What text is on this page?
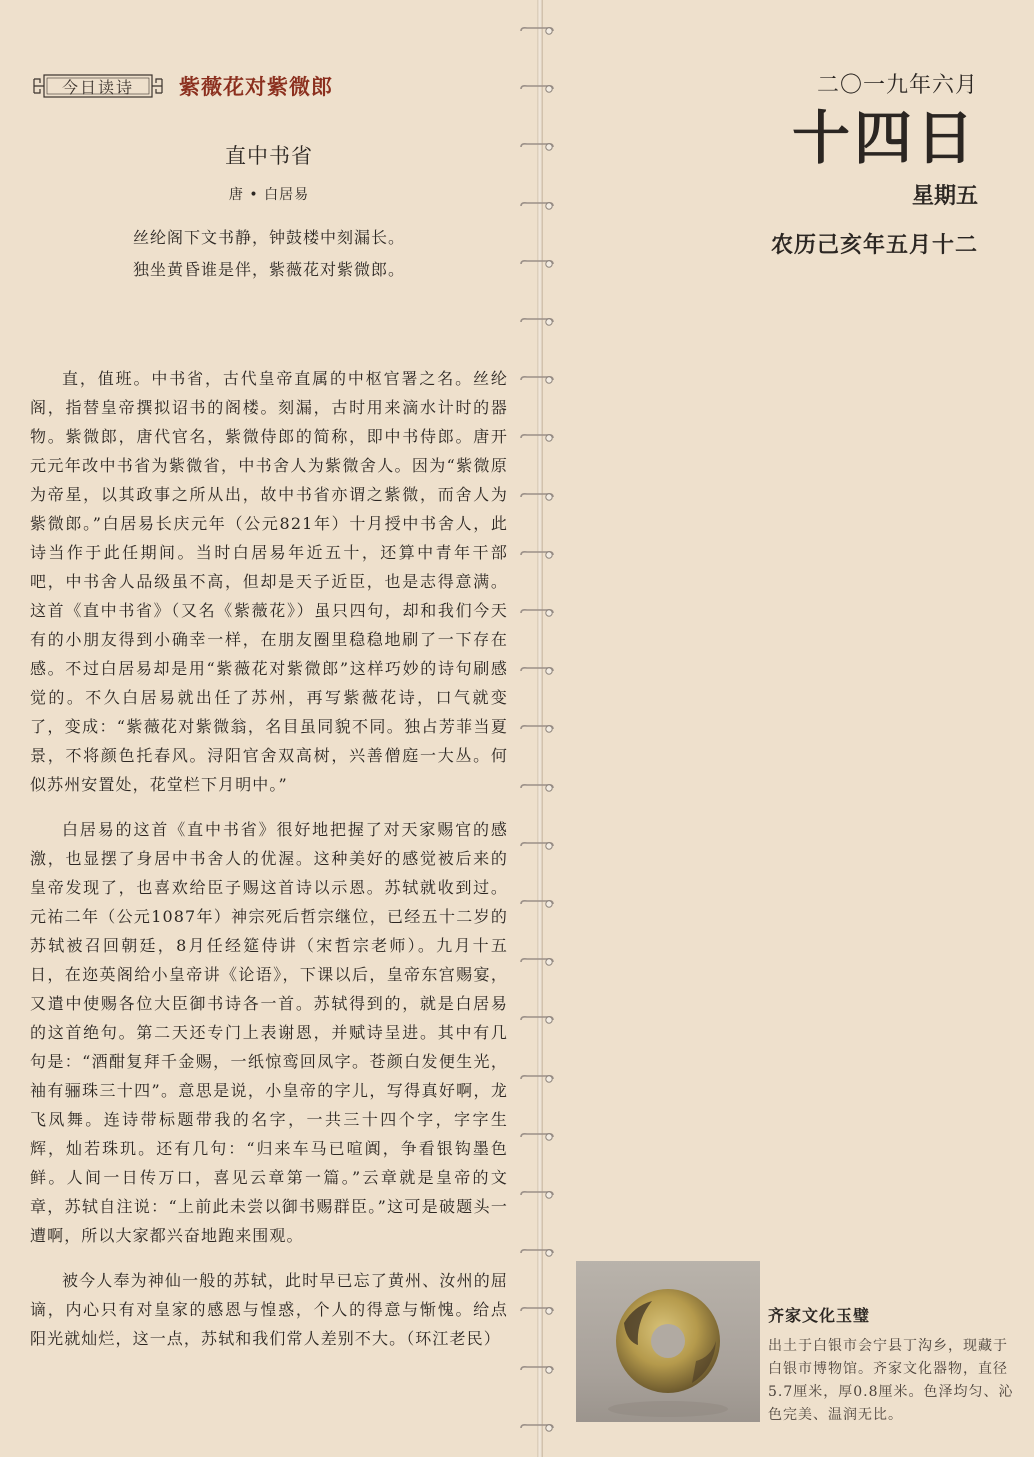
今日读诗 紫薇花对紫微郎
直中书省
唐 • 白居易
丝纶阁下文书静，钟鼓楼中刻漏长。
独坐黄昏谁是伴，紫薇花对紫微郎。

直，值班。中书省，古代皇帝直属的中枢官署之名。丝纶阁，指替皇帝撰拟诏书的阁楼。刻漏，古时用来滴水计时的器物。紫微郎，唐代官名，紫微侍郎的简称，即中书侍郎。唐开元元年改中书省为紫微省，中书舍人为紫微舍人。因为“紫微原为帝星，以其政事之所从出，故中书省亦谓之紫微，而舍人为紫微郎。”白居易长庆元年（公元821年）十月授中书舍人，此诗当作于此任期间。当时白居易年近五十，还算中青年干部吧，中书舍人品级虽不高，但却是天子近臣，也是志得意满。这首《直中书省》（又名《紫薇花》）虽只四句，却和我们今天有的小朋友得到小确幸一样，在朋友圈里稳稳地刷了一下存在感。不过白居易却是用“紫薇花对紫微郎”这样巧妙的诗句刷感觉的。不久白居易就出任了苏州，再写紫薇花诗，口气就变了，变成：“紫薇花对紫微翁，名目虽同貌不同。独占芳菲当夏景，不将颜色托春风。浔阳官舍双高树，兴善僧庭一大丛。何似苏州安置处，花堂栏下月明中。”

白居易的这首《直中书省》很好地把握了对天家赐官的感激，也显摆了身居中书舍人的优渥。这种美好的感觉被后来的皇帝发现了，也喜欢给臣子赐这首诗以示恩。苏轼就收到过。元祐二年（公元1087年）神宗死后哲宗继位，已经五十二岁的苏轼被召回朝廷，8月任经筵侍讲（宋哲宗老师）。九月十五日，在迩英阁给小皇帝讲《论语》，下课以后，皇帝东宫赐宴，又遣中使赐各位大臣御书诗各一首。苏轼得到的，就是白居易的这首绝句。第二天还专门上表谢恩，并赋诗呈进。其中有几句是：“酒酣复拜千金赐，一纸惊鸾回凤字。苍颜白发便生光，袖有骊珠三十四”。意思是说，小皇帝的字儿，写得真好啊，龙飞凤舞。连诗带标题带我的名字，一共三十四个字，字字生辉，灿若珠玑。还有几句：“归来车马已喧阗，争看银钩墨色鲜。人间一日传万口，喜见云章第一篇。”云章就是皇帝的文章，苏轼自注说：“上前此未尝以御书赐群臣。”这可是破题头一遭啊，所以大家都兴奋地跑来围观。

被今人奉为神仙一般的苏轼，此时早已忘了黄州、汝州的屈谪，内心只有对皇家的感恩与惶惑，个人的得意与惭愧。给点阳光就灿烂，这一点，苏轼和我们常人差别不大。（环江老民）

二〇一九年六月
十四日
星期五
农历己亥年五月十二
齐家文化玉璧
出土于白银市会宁县丁沟乡，现藏于白银市博物馆。齐家文化器物，直径5.7厘米，厚0.8厘米。色泽均匀、沁色完美、温润无比。
